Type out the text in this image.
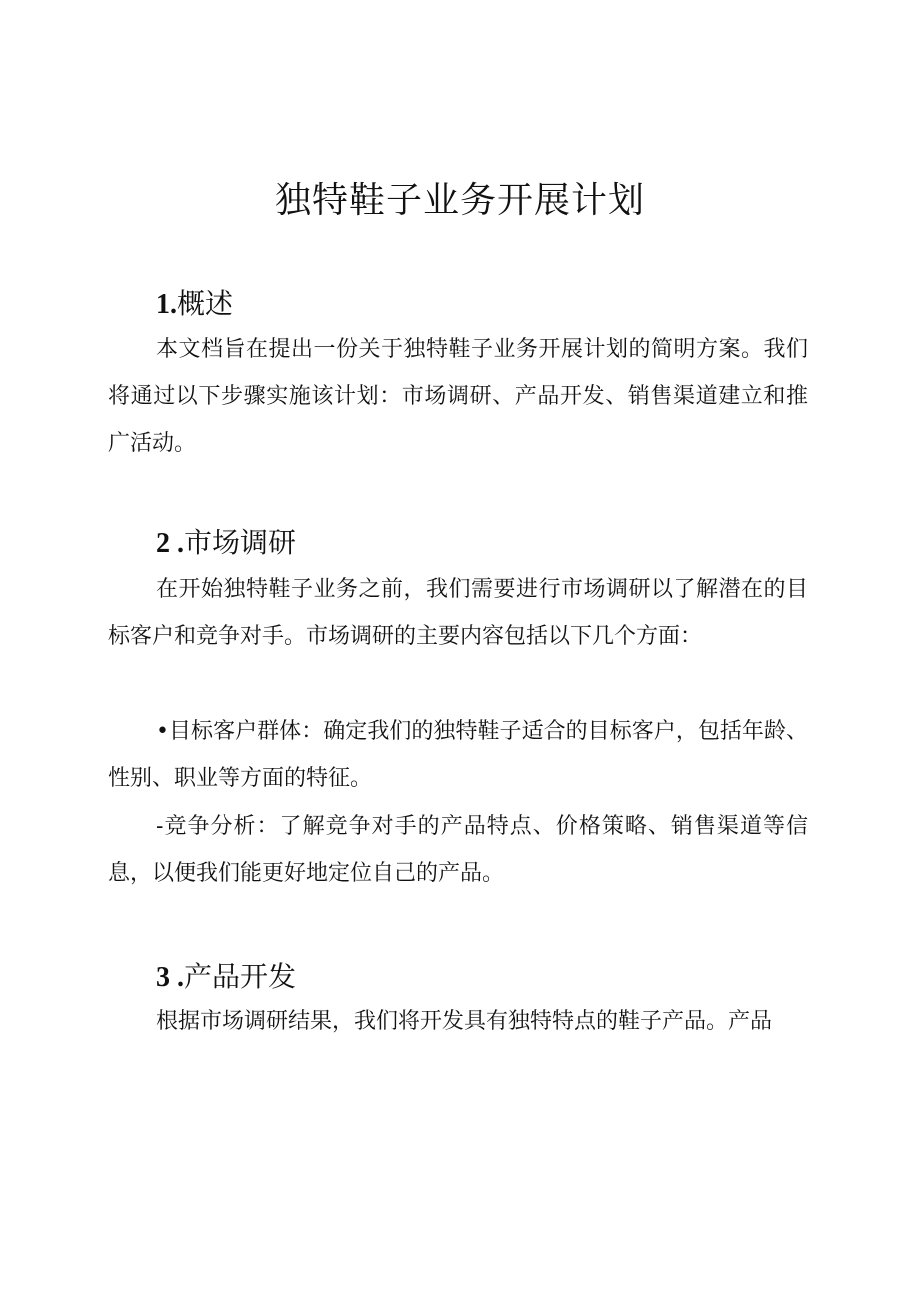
独特鞋子业务开展计划
1.概述

本文档旨在提出一份关于独特鞋子业务开展计划的简明方案。我们将通过以下步骤实施该计划：市场调研、产品开发、销售渠道建立和推广活动。

2 .市场调研

在开始独特鞋子业务之前，我们需要进行市场调研以了解潜在的目标客户和竞争对手。市场调研的主要内容包括以下几个方面：

•目标客户群体：确定我们的独特鞋子适合的目标客户，包括年龄、性别、职业等方面的特征。

-竞争分析：了解竞争对手的产品特点、价格策略、销售渠道等信息，以便我们能更好地定位自己的产品。

3 .产品开发

根据市场调研结果，我们将开发具有独特特点的鞋子产品。产品
